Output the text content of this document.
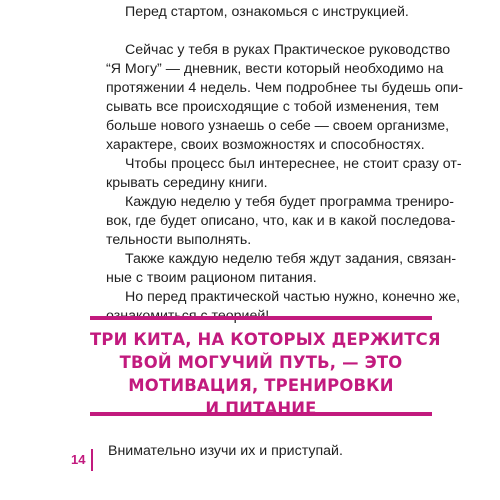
Перед стартом, ознакомься с инструкцией.
Сейчас у тебя в руках Практическое руководство
“Я Могу” — дневник, вести который необходимо на
протяжении 4 недель. Чем подробнее ты будешь опи-
сывать все происходящие с тобой изменения, тем
больше нового узнаешь о себе — своем организме,
характере, своих возможностях и способностях.
Чтобы процесс был интереснее, не стоит сразу от-
крывать середину книги.
Каждую неделю у тебя будет программа трениро-
вок, где будет описано, что, как и в какой последова-
тельности выполнять.
Также каждую неделю тебя ждут задания, связан-
ные с твоим рационом питания.
Но перед практической частью нужно, конечно же,
ознакомиться с теорией!
ТРИ КИТА, НА КОТОРЫХ ДЕРЖИТСЯ
ТВОЙ МОГУЧИЙ ПУТЬ, — ЭТО
МОТИВАЦИЯ, ТРЕНИРОВКИ
И ПИТАНИЕ
Внимательно изучи их и приступай.
14
